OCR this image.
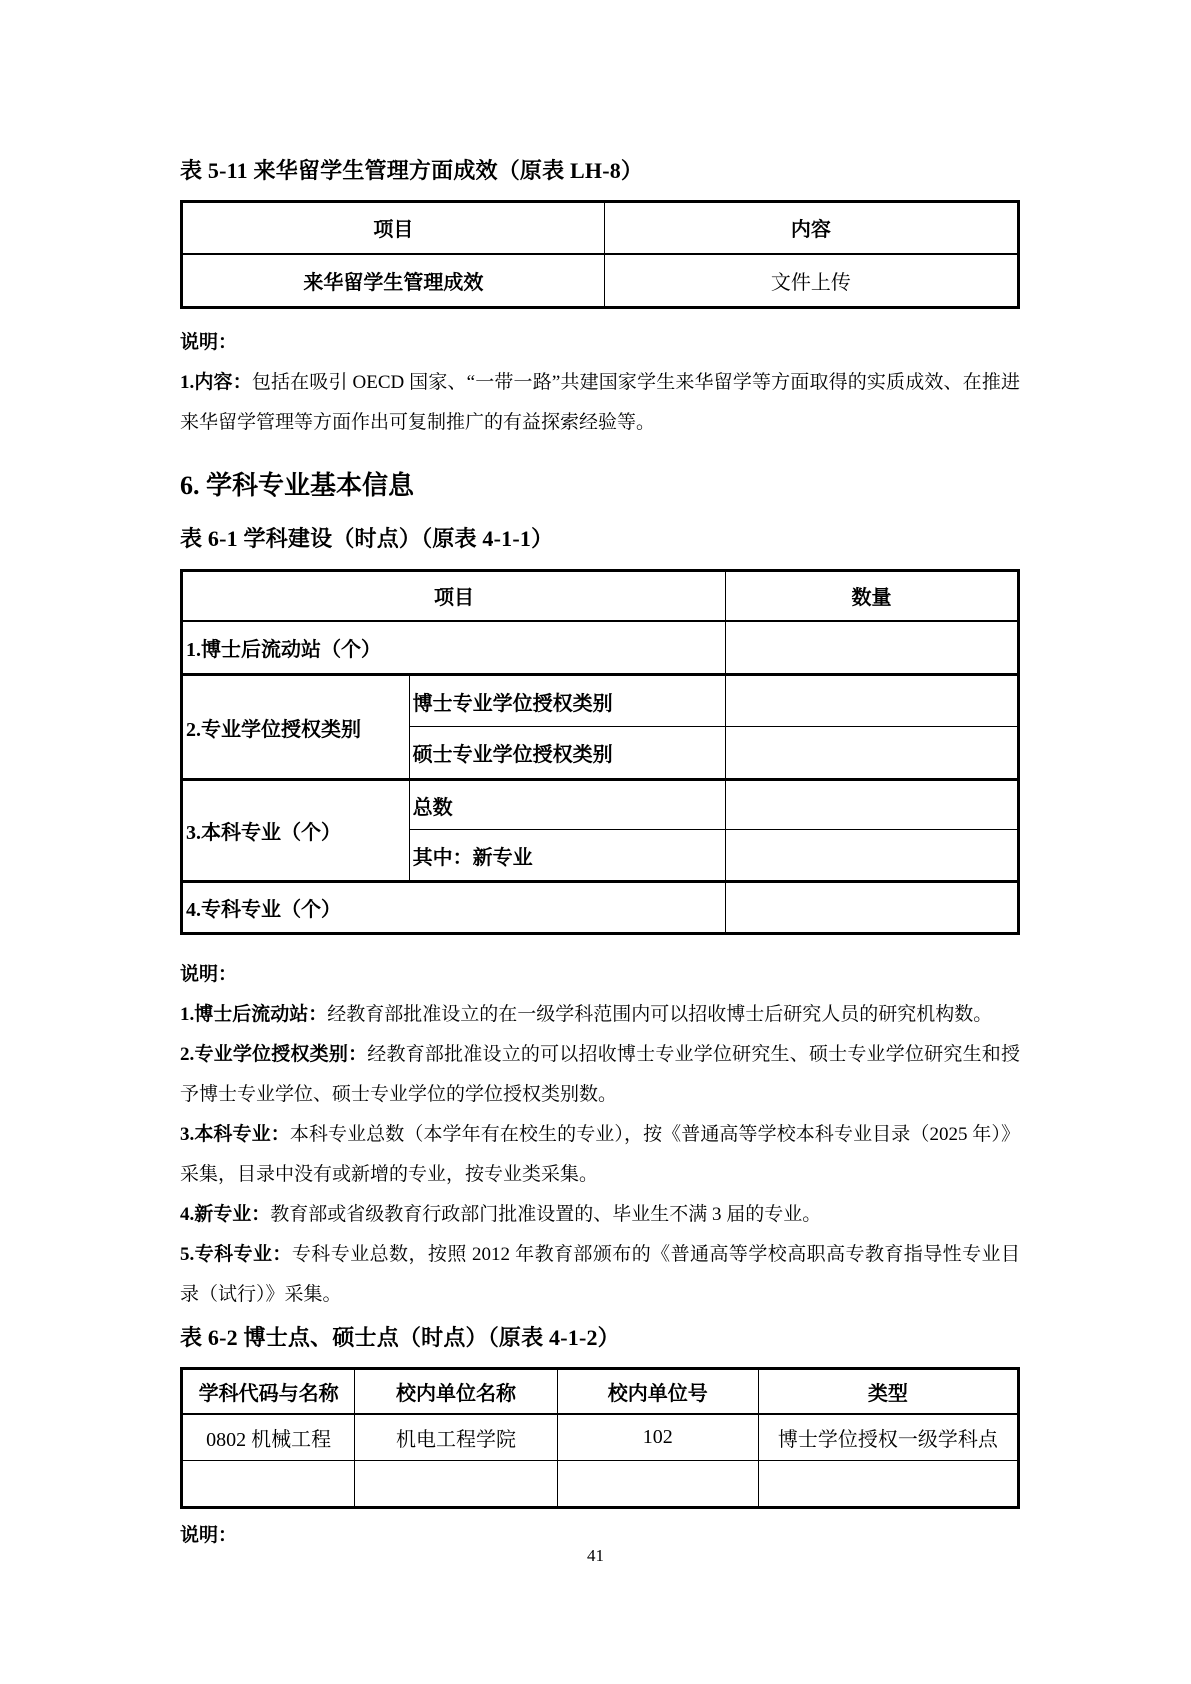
表 5-11 来华留学生管理方面成效（原表 LH-8）
项目	内容
来华留学生管理成效	文件上传

说明：

1.内容：包括在吸引 OECD 国家、“一带一路”共建国家学生来华留学等方面取得的实质成效、在推进来华留学管理等方面作出可复制推广的有益探索经验等。

6. 学科专业基本信息
表 6-1 学科建设（时点）（原表 4-1-1）
项目		数量
1.博士后流动站（个）		
2.专业学位授权类别	博士专业学位授权类别	
	硕士专业学位授权类别	
3.本科专业（个）	总数	
	其中：新专业	
4.专科专业（个）		

说明：

1.博士后流动站：经教育部批准设立的在一级学科范围内可以招收博士后研究人员的研究机构数。

2.专业学位授权类别：经教育部批准设立的可以招收博士专业学位研究生、硕士专业学位研究生和授予博士专业学位、硕士专业学位的学位授权类别数。

3.本科专业：本科专业总数（本学年有在校生的专业），按《普通高等学校本科专业目录（2025 年）》采集，目录中没有或新增的专业，按专业类采集。

4.新专业：教育部或省级教育行政部门批准设置的、毕业生不满 3 届的专业。

5.专科专业：专科专业总数，按照 2012 年教育部颁布的《普通高等学校高职高专教育指导性专业目录（试行）》采集。

表 6-2 博士点、硕士点（时点）（原表 4-1-2）
学科代码与名称	校内单位名称	校内单位号	类型
0802 机械工程	机电工程学院	102	博士学位授权一级学科点

说明：

41
